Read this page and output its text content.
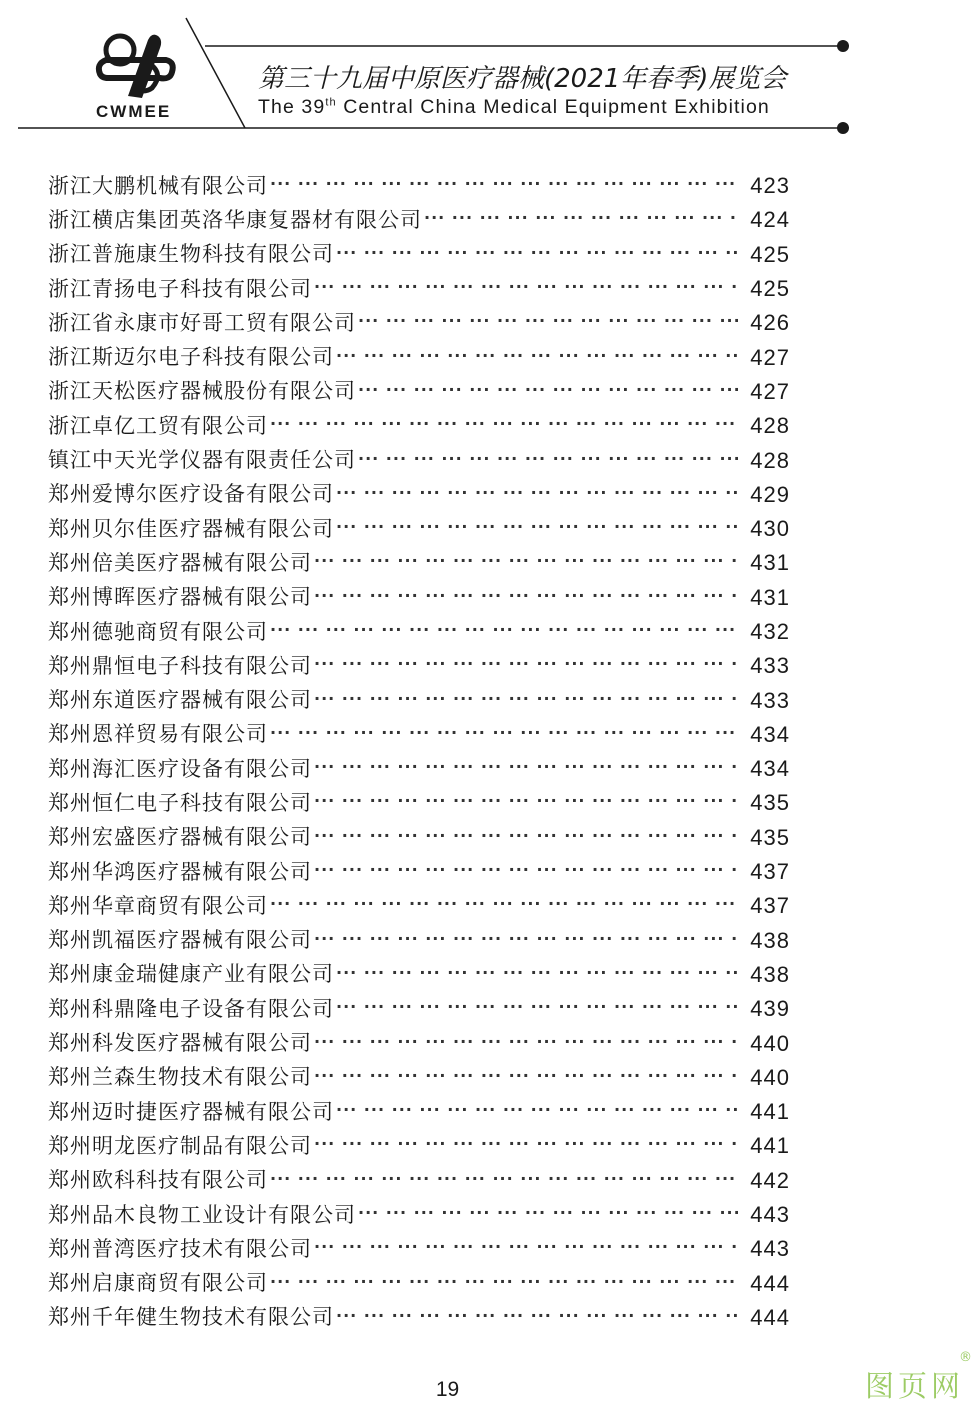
CWMEE
第三十九届中原医疗器械(2021年春季)展览会
The 39th Central China Medical Equipment Exhibition
浙江大鹏机械有限公司 ··· ·	423
浙江横店集团英洛华康复器材有限公司 ··· ·	424
浙江普施康生物科技有限公司 ··· ·	425
浙江青扬电子科技有限公司 ··· ·	425
浙江省永康市好哥工贸有限公司 ··· ·	426
浙江斯迈尔电子科技有限公司 ··· ·	427
浙江天松医疗器械股份有限公司 ··· ·	427
浙江卓亿工贸有限公司 ··· ·	428
镇江中天光学仪器有限责任公司 ··· ·	428
郑州爱博尔医疗设备有限公司 ··· ·	429
郑州贝尔佳医疗器械有限公司 ··· ·	430
郑州倍美医疗器械有限公司 ··· ·	431
郑州博晖医疗器械有限公司 ··· ·	431
郑州德驰商贸有限公司 ··· ·	432
郑州鼎恒电子科技有限公司 ··· ·	433
郑州东道医疗器械有限公司 ··· ·	433
郑州恩祥贸易有限公司 ··· ·	434
郑州海汇医疗设备有限公司 ··· ·	434
郑州恒仁电子科技有限公司 ··· ·	435
郑州宏盛医疗器械有限公司 ··· ·	435
郑州华鸿医疗器械有限公司 ··· ·	437
郑州华章商贸有限公司 ··· ·	437
郑州凯福医疗器械有限公司 ··· ·	438
郑州康金瑞健康产业有限公司 ··· ·	438
郑州科鼎隆电子设备有限公司 ··· ·	439
郑州科发医疗器械有限公司 ··· ·	440
郑州兰森生物技术有限公司 ··· ·	440
郑州迈时捷医疗器械有限公司 ··· ·	441
郑州明龙医疗制品有限公司 ··· ·	441
郑州欧科科技有限公司 ··· ·	442
郑州品木良物工业设计有限公司 ··· ·	443
郑州普湾医疗技术有限公司 ··· ·	443
郑州启康商贸有限公司 ··· ·	444
郑州千年健生物技术有限公司 ··· ·	444
19	图页网
®
